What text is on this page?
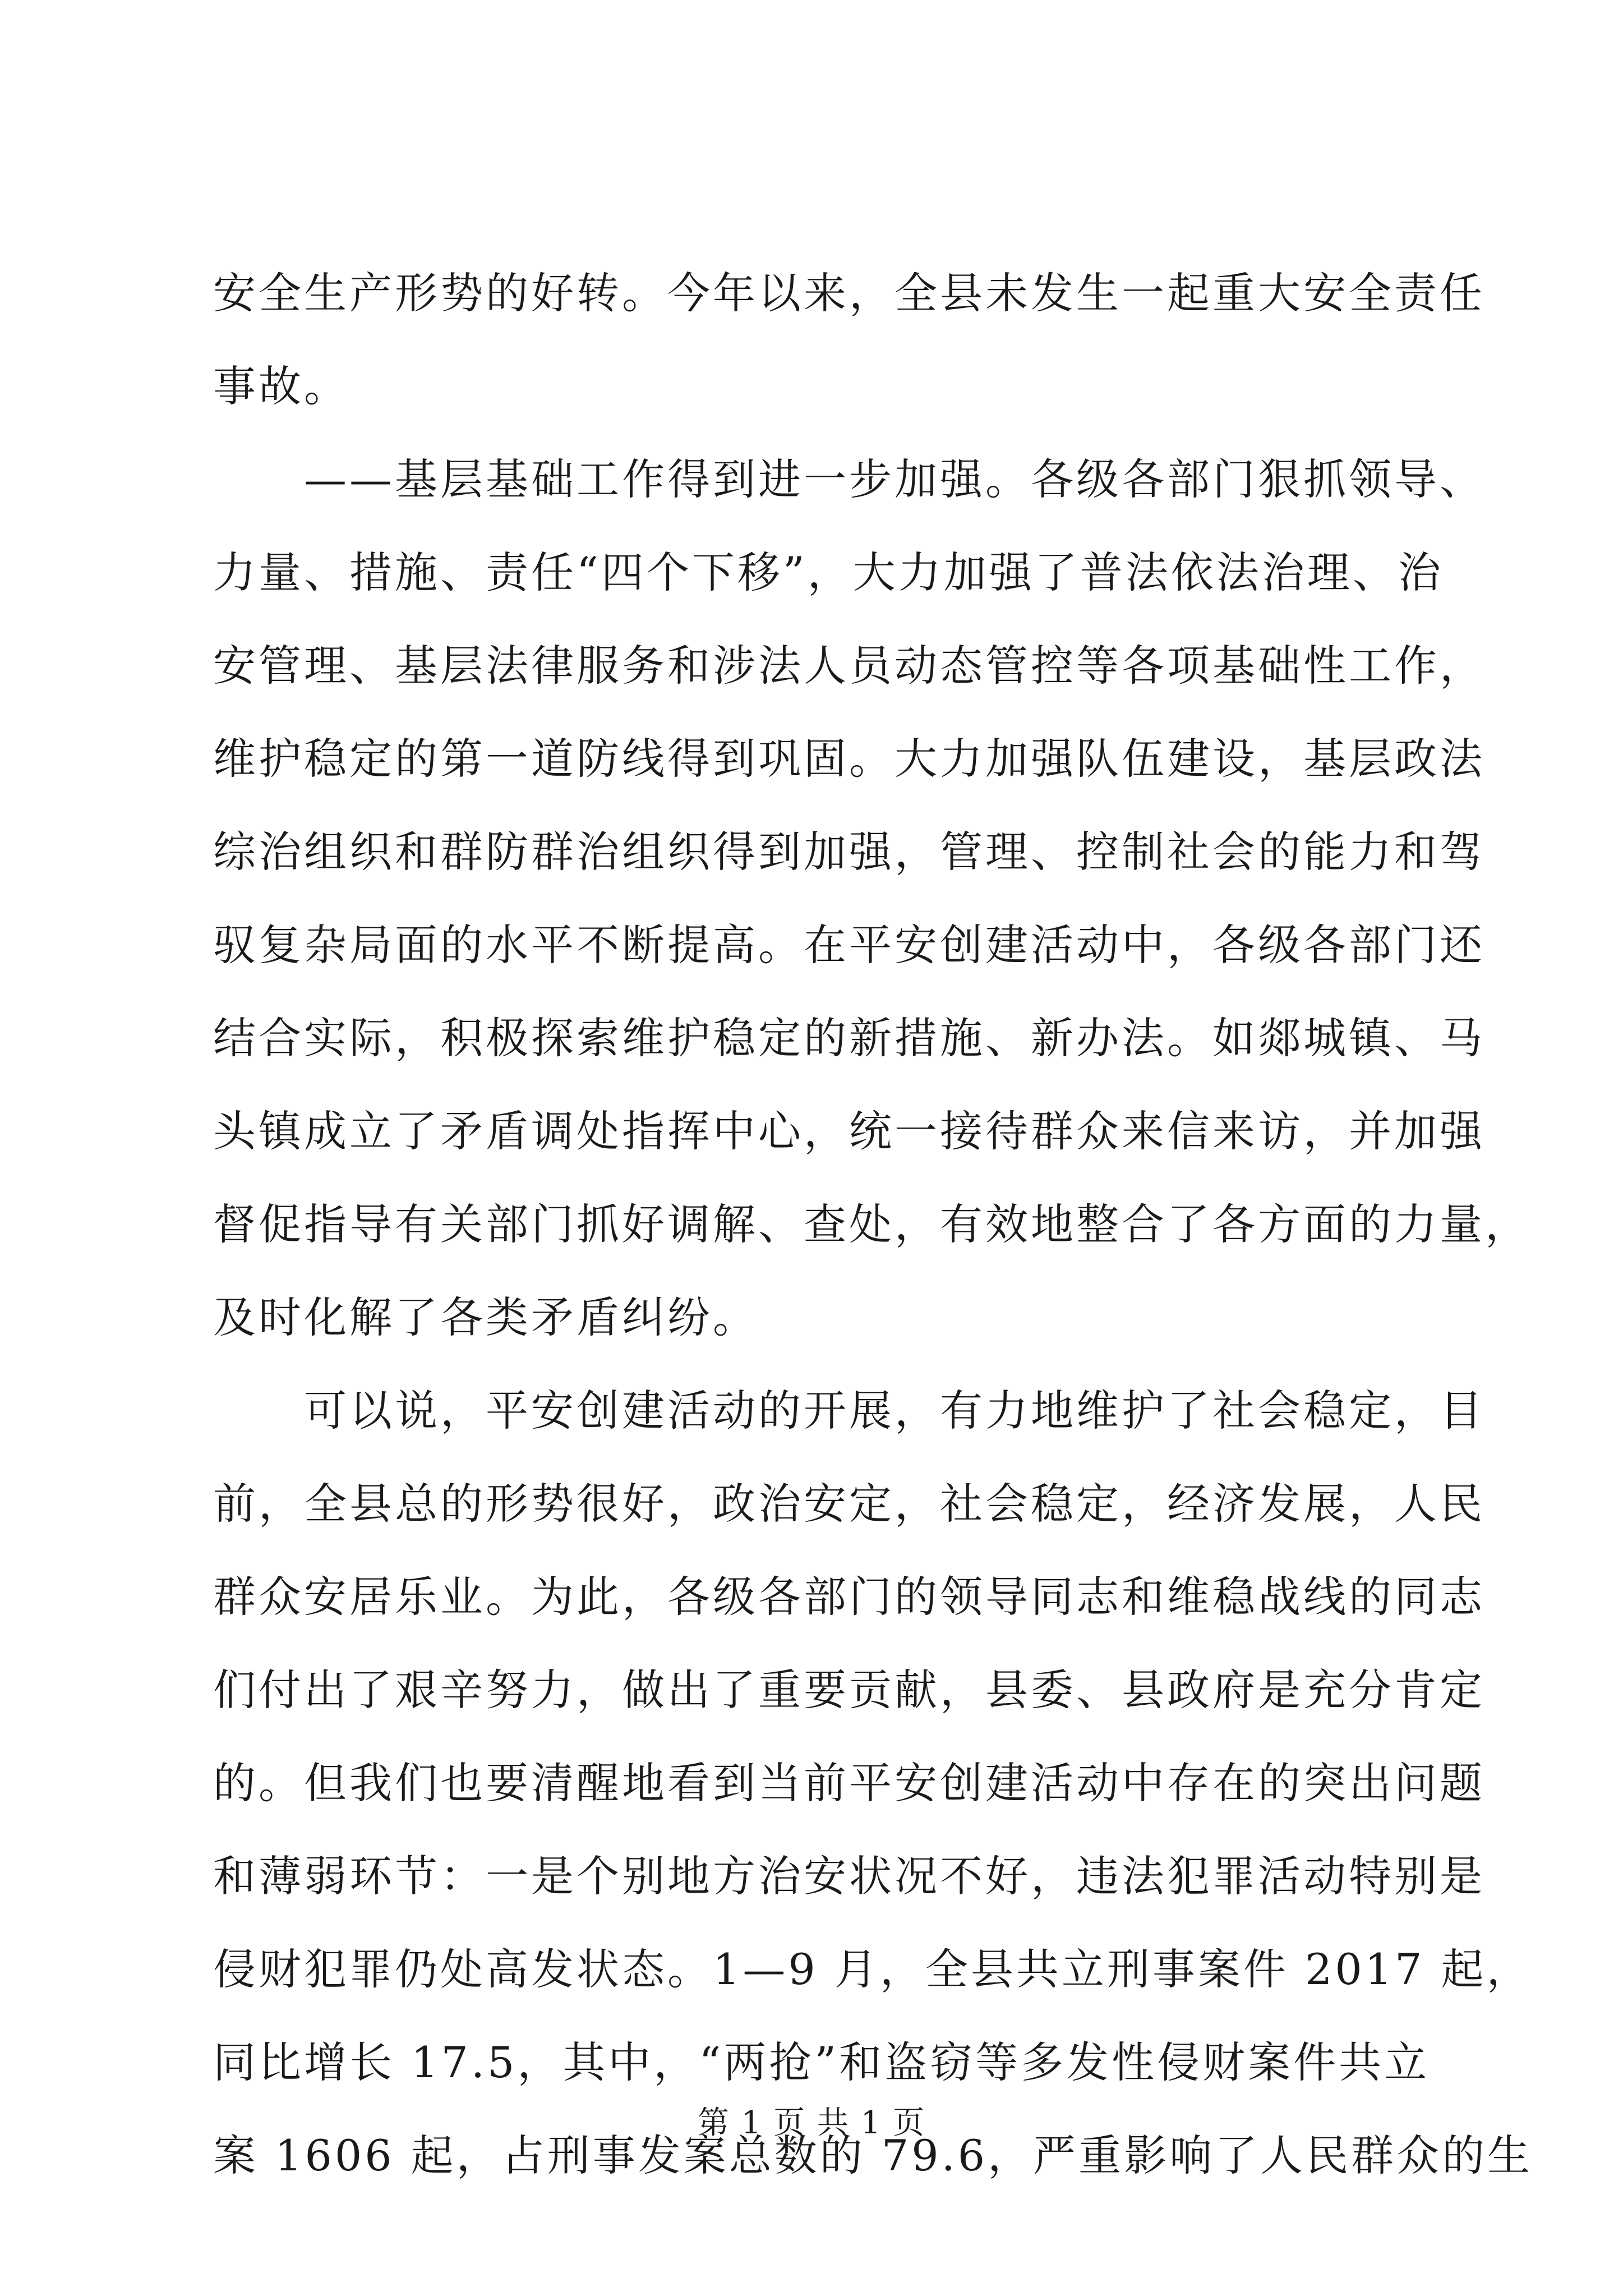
安全生产形势的好转。今年以来，全县未发生一起重大安全责任
事故。
　　——基层基础工作得到进一步加强。各级各部门狠抓领导、
力量、措施、责任“四个下移”，大力加强了普法依法治理、治
安管理、基层法律服务和涉法人员动态管控等各项基础性工作，
维护稳定的第一道防线得到巩固。大力加强队伍建设，基层政法
综治组织和群防群治组织得到加强，管理、控制社会的能力和驾
驭复杂局面的水平不断提高。在平安创建活动中，各级各部门还
结合实际，积极探索维护稳定的新措施、新办法。如郯城镇、马
头镇成立了矛盾调处指挥中心，统一接待群众来信来访，并加强
督促指导有关部门抓好调解、查处，有效地整合了各方面的力量，
及时化解了各类矛盾纠纷。
　　可以说，平安创建活动的开展，有力地维护了社会稳定，目
前，全县总的形势很好，政治安定，社会稳定，经济发展，人民
群众安居乐业。为此，各级各部门的领导同志和维稳战线的同志
们付出了艰辛努力，做出了重要贡献，县委、县政府是充分肯定
的。但我们也要清醒地看到当前平安创建活动中存在的突出问题
和薄弱环节：一是个别地方治安状况不好，违法犯罪活动特别是
侵财犯罪仍处高发状态。1—9 月，全县共立刑事案件 2017 起，
同比增长 17.5，其中，“两抢”和盗窃等多发性侵财案件共立
案 1606 起，占刑事发案总数的 79.6，严重影响了人民群众的生
第 1 页 共 1 页
